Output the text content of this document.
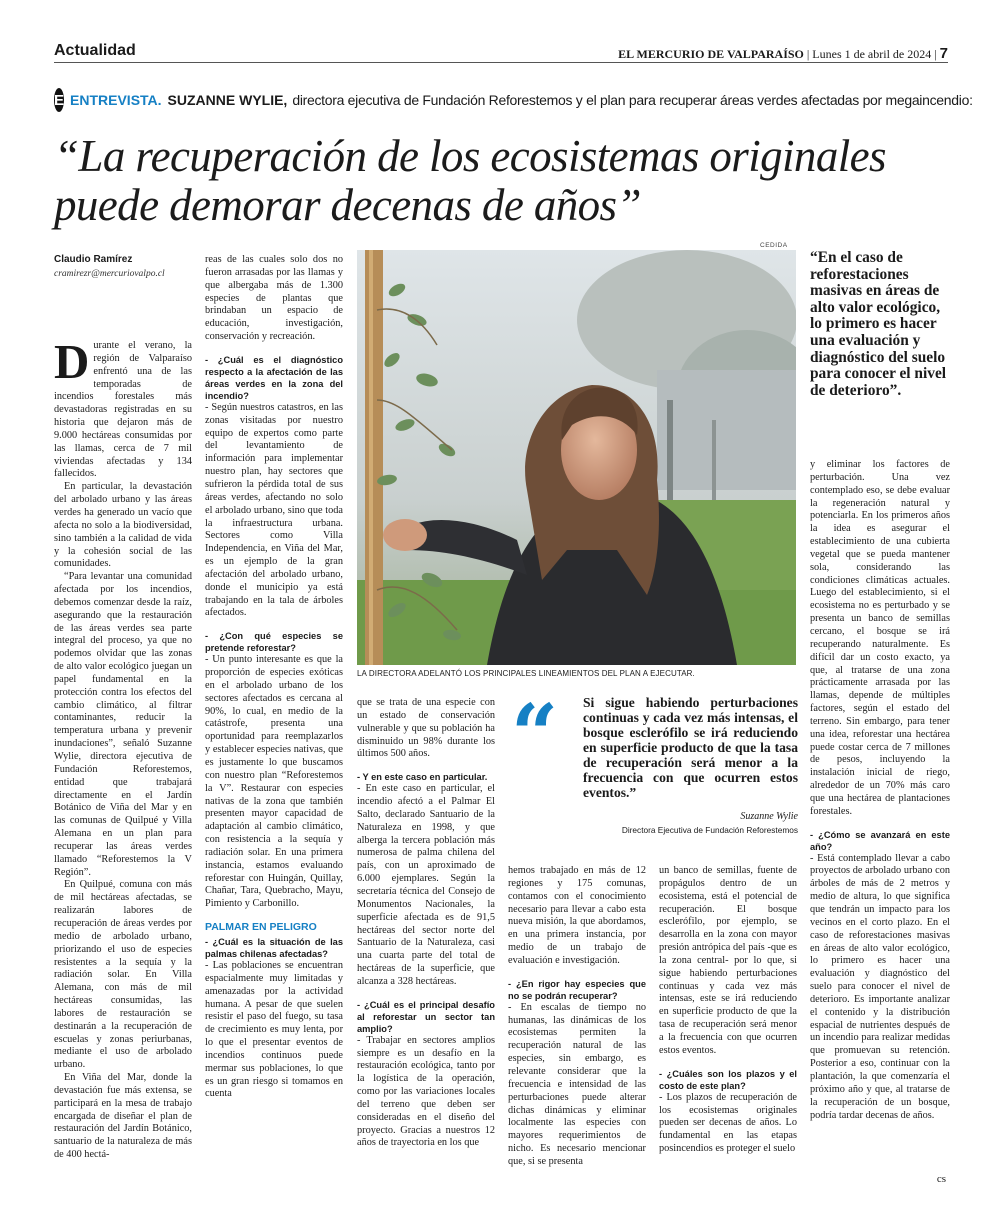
Actualidad	EL MERCURIO DE VALPARAÍSO | Lunes 1 de abril de 2024 | 7
E ENTREVISTA. SUZANNE WYLIE, directora ejecutiva de Fundación Reforestemos y el plan para recuperar áreas verdes afectadas por megaincendio:
“La recuperación de los ecosistemas originales puede demorar decenas de años”
Claudio Ramírez
cramirezr@mercuriovalpo.cl

Durante el verano, la región de Valparaíso enfrentó una de las temporadas de incendios forestales más devastadoras registradas en su historia que dejaron más de 9.000 hectáreas consumidas por las llamas, cerca de 7 mil viviendas afectadas y 134 fallecidos.

En particular, la devastación del arbolado urbano y las áreas verdes ha generado un vacío que afecta no solo a la biodiversidad, sino también a la calidad de vida y la cohesión social de las comunidades.

“Para levantar una comunidad afectada por los incendios, debemos comenzar desde la raíz, asegurando que la restauración de las áreas verdes sea parte integral del proceso, ya que no podemos olvidar que las zonas de alto valor ecológico juegan un papel fundamental en la protección contra los efectos del cambio climático, al filtrar contaminantes, reducir la temperatura urbana y prevenir inundaciones”, señaló Suzanne Wylie, directora ejecutiva de Fundación Reforestemos, entidad que trabajará directamente en el Jardín Botánico de Viña del Mar y en las comunas de Quilpué y Villa Alemana en un plan para recuperar las áreas verdes llamado “Reforestemos la V Región”.

En Quilpué, comuna con más de mil hectáreas afectadas, se realizarán labores de recuperación de áreas verdes por medio de arbolado urbano, priorizando el uso de especies resistentes a la sequía y la radiación solar. En Villa Alemana, con más de mil hectáreas consumidas, las labores de restauración se destinarán a la recuperación de escuelas y zonas periurbanas, mediante el uso de arbolado urbano.

En Viña del Mar, donde la devastación fue más extensa, se participará en la mesa de trabajo encargada de diseñar el plan de restauración del Jardín Botánico, santuario de la naturaleza de más de 400 hectá-

reas de las cuales solo dos no fueron arrasadas por las llamas y que albergaba más de 1.300 especies de plantas que brindaban un espacio de educación, investigación, conservación y recreación.

- ¿Cuál es el diagnóstico respecto a la afectación de las áreas verdes en la zona del incendio?

- Según nuestros catastros, en las zonas visitadas por nuestro equipo de expertos como parte del levantamiento de información para implementar nuestro plan, hay sectores que sufrieron la pérdida total de sus áreas verdes, afectando no solo el arbolado urbano, sino que toda la infraestructura urbana. Sectores como Villa Independencia, en Viña del Mar, es un ejemplo de la gran afectación del arbolado urbano, donde el municipio ya está trabajando en la tala de árboles afectados.

- ¿Con qué especies se pretende reforestar?

- Un punto interesante es que la proporción de especies exóticas en el arbolado urbano de los sectores afectados es cercana al 90%, lo cual, en medio de la catástrofe, presenta una oportunidad para reemplazarlos y establecer especies nativas, que es justamente lo que buscamos con nuestro plan “Reforestemos la V”. Restaurar con especies nativas de la zona que también presenten mayor capacidad de adaptación al cambio climático, con resistencia a la sequía y radiación solar. En una primera instancia, estamos evaluando reforestar con Huingán, Quillay, Chañar, Tara, Quebracho, Mayu, Pimiento y Carbonillo.

PALMAR EN PELIGRO

- ¿Cuál es la situación de las palmas chilenas afectadas?

- Las poblaciones se encuentran espacialmente muy limitadas y amenazadas por la actividad humana. A pesar de que suelen resistir el paso del fuego, su tasa de crecimiento es muy lenta, por lo que el presentar eventos de incendios continuos puede mermar sus poblaciones, lo que es un gran riesgo si tomamos en cuenta

CEDIDA
LA DIRECTORA ADELANTÓ LOS PRINCIPALES LINEAMIENTOS DEL PLAN A EJECUTAR.
“En el caso de reforestaciones masivas en áreas de alto valor ecológico, lo primero es hacer una evaluación y diagnóstico del suelo para conocer el nivel de deterioro”.
“ Si sigue habiendo perturbaciones continuas y cada vez más intensas, el bosque esclerófilo se irá reduciendo en superficie producto de que la tasa de recuperación será menor a la frecuencia con que ocurren estos eventos.”
Suzanne Wylie
Directora Ejecutiva de Fundación Reforestemos

que se trata de una especie con un estado de conservación vulnerable y que su población ha disminuido un 98% durante los últimos 500 años.

- Y en este caso en particular.

- En este caso en particular, el incendio afectó a el Palmar El Salto, declarado Santuario de la Naturaleza en 1998, y que alberga la tercera población más numerosa de palma chilena del país, con un aproximado de 6.000 ejemplares. Según la secretaría técnica del Consejo de Monumentos Nacionales, la superficie afectada es de 91,5 hectáreas del sector norte del Santuario de la Naturaleza, casi una cuarta parte del total de hectáreas de la superficie, que alcanza a 328 hectáreas.

- ¿Cuál es el principal desafío al reforestar un sector tan amplio?

- Trabajar en sectores amplios siempre es un desafío en la restauración ecológica, tanto por la logística de la operación, como por las variaciones locales del terreno que deben ser consideradas en el diseño del proyecto. Gracias a nuestros 12 años de trayectoria en los que

hemos trabajado en más de 12 regiones y 175 comunas, contamos con el conocimiento necesario para llevar a cabo esta nueva misión, la que abordamos, en una primera instancia, por medio de un trabajo de evaluación e investigación.

- ¿En rigor hay especies que no se podrán recuperar?

- En escalas de tiempo no humanas, las dinámicas de los ecosistemas permiten la recuperación natural de las especies, sin embargo, es relevante considerar que la frecuencia e intensidad de las perturbaciones puede alterar dichas dinámicas y eliminar localmente las especies con mayores requerimientos de nicho. Es necesario mencionar que, si se presenta

un banco de semillas, fuente de propágulos dentro de un ecosistema, está el potencial de recuperación. El bosque esclerófilo, por ejemplo, se desarrolla en la zona con mayor presión antrópica del país -que es la zona central- por lo que, si sigue habiendo perturbaciones continuas y cada vez más intensas, este se irá reduciendo en superficie producto de que la tasa de recuperación será menor a la frecuencia con que ocurren estos eventos.

- ¿Cuáles son los plazos y el costo de este plan?

- Los plazos de recuperación de los ecosistemas originales pueden ser decenas de años. Lo fundamental en las etapas posincendios es proteger el suelo

y eliminar los factores de perturbación. Una vez contemplado eso, se debe evaluar la regeneración natural y potenciarla. En los primeros años la idea es asegurar el establecimiento de una cubierta vegetal que se pueda mantener sola, considerando las condiciones climáticas actuales. Luego del establecimiento, si el ecosistema no es perturbado y se presenta un banco de semillas cercano, el bosque se irá recuperando naturalmente. Es difícil dar un costo exacto, ya que, al tratarse de una zona prácticamente arrasada por las llamas, depende de múltiples factores, según el estado del terreno. Sin embargo, para tener una idea, reforestar una hectárea puede costar cerca de 7 millones de pesos, incluyendo la instalación inicial de riego, alrededor de un 70% más caro que una hectárea de plantaciones forestales.

- ¿Cómo se avanzará en este año?

- Está contemplado llevar a cabo proyectos de arbolado urbano con árboles de más de 2 metros y medio de altura, lo que significa que tendrán un impacto para los vecinos en el corto plazo. En el caso de reforestaciones masivas en áreas de alto valor ecológico, lo primero es hacer una evaluación y diagnóstico del suelo para conocer el nivel de deterioro. Es importante analizar el contenido y la distribución espacial de nutrientes después de un incendio para realizar medidas que promuevan su retención. Posterior a eso, continuar con la plantación, la que comenzaría el próximo año y que, al tratarse de la recuperación de un bosque, podría tardar decenas de años.

cs
